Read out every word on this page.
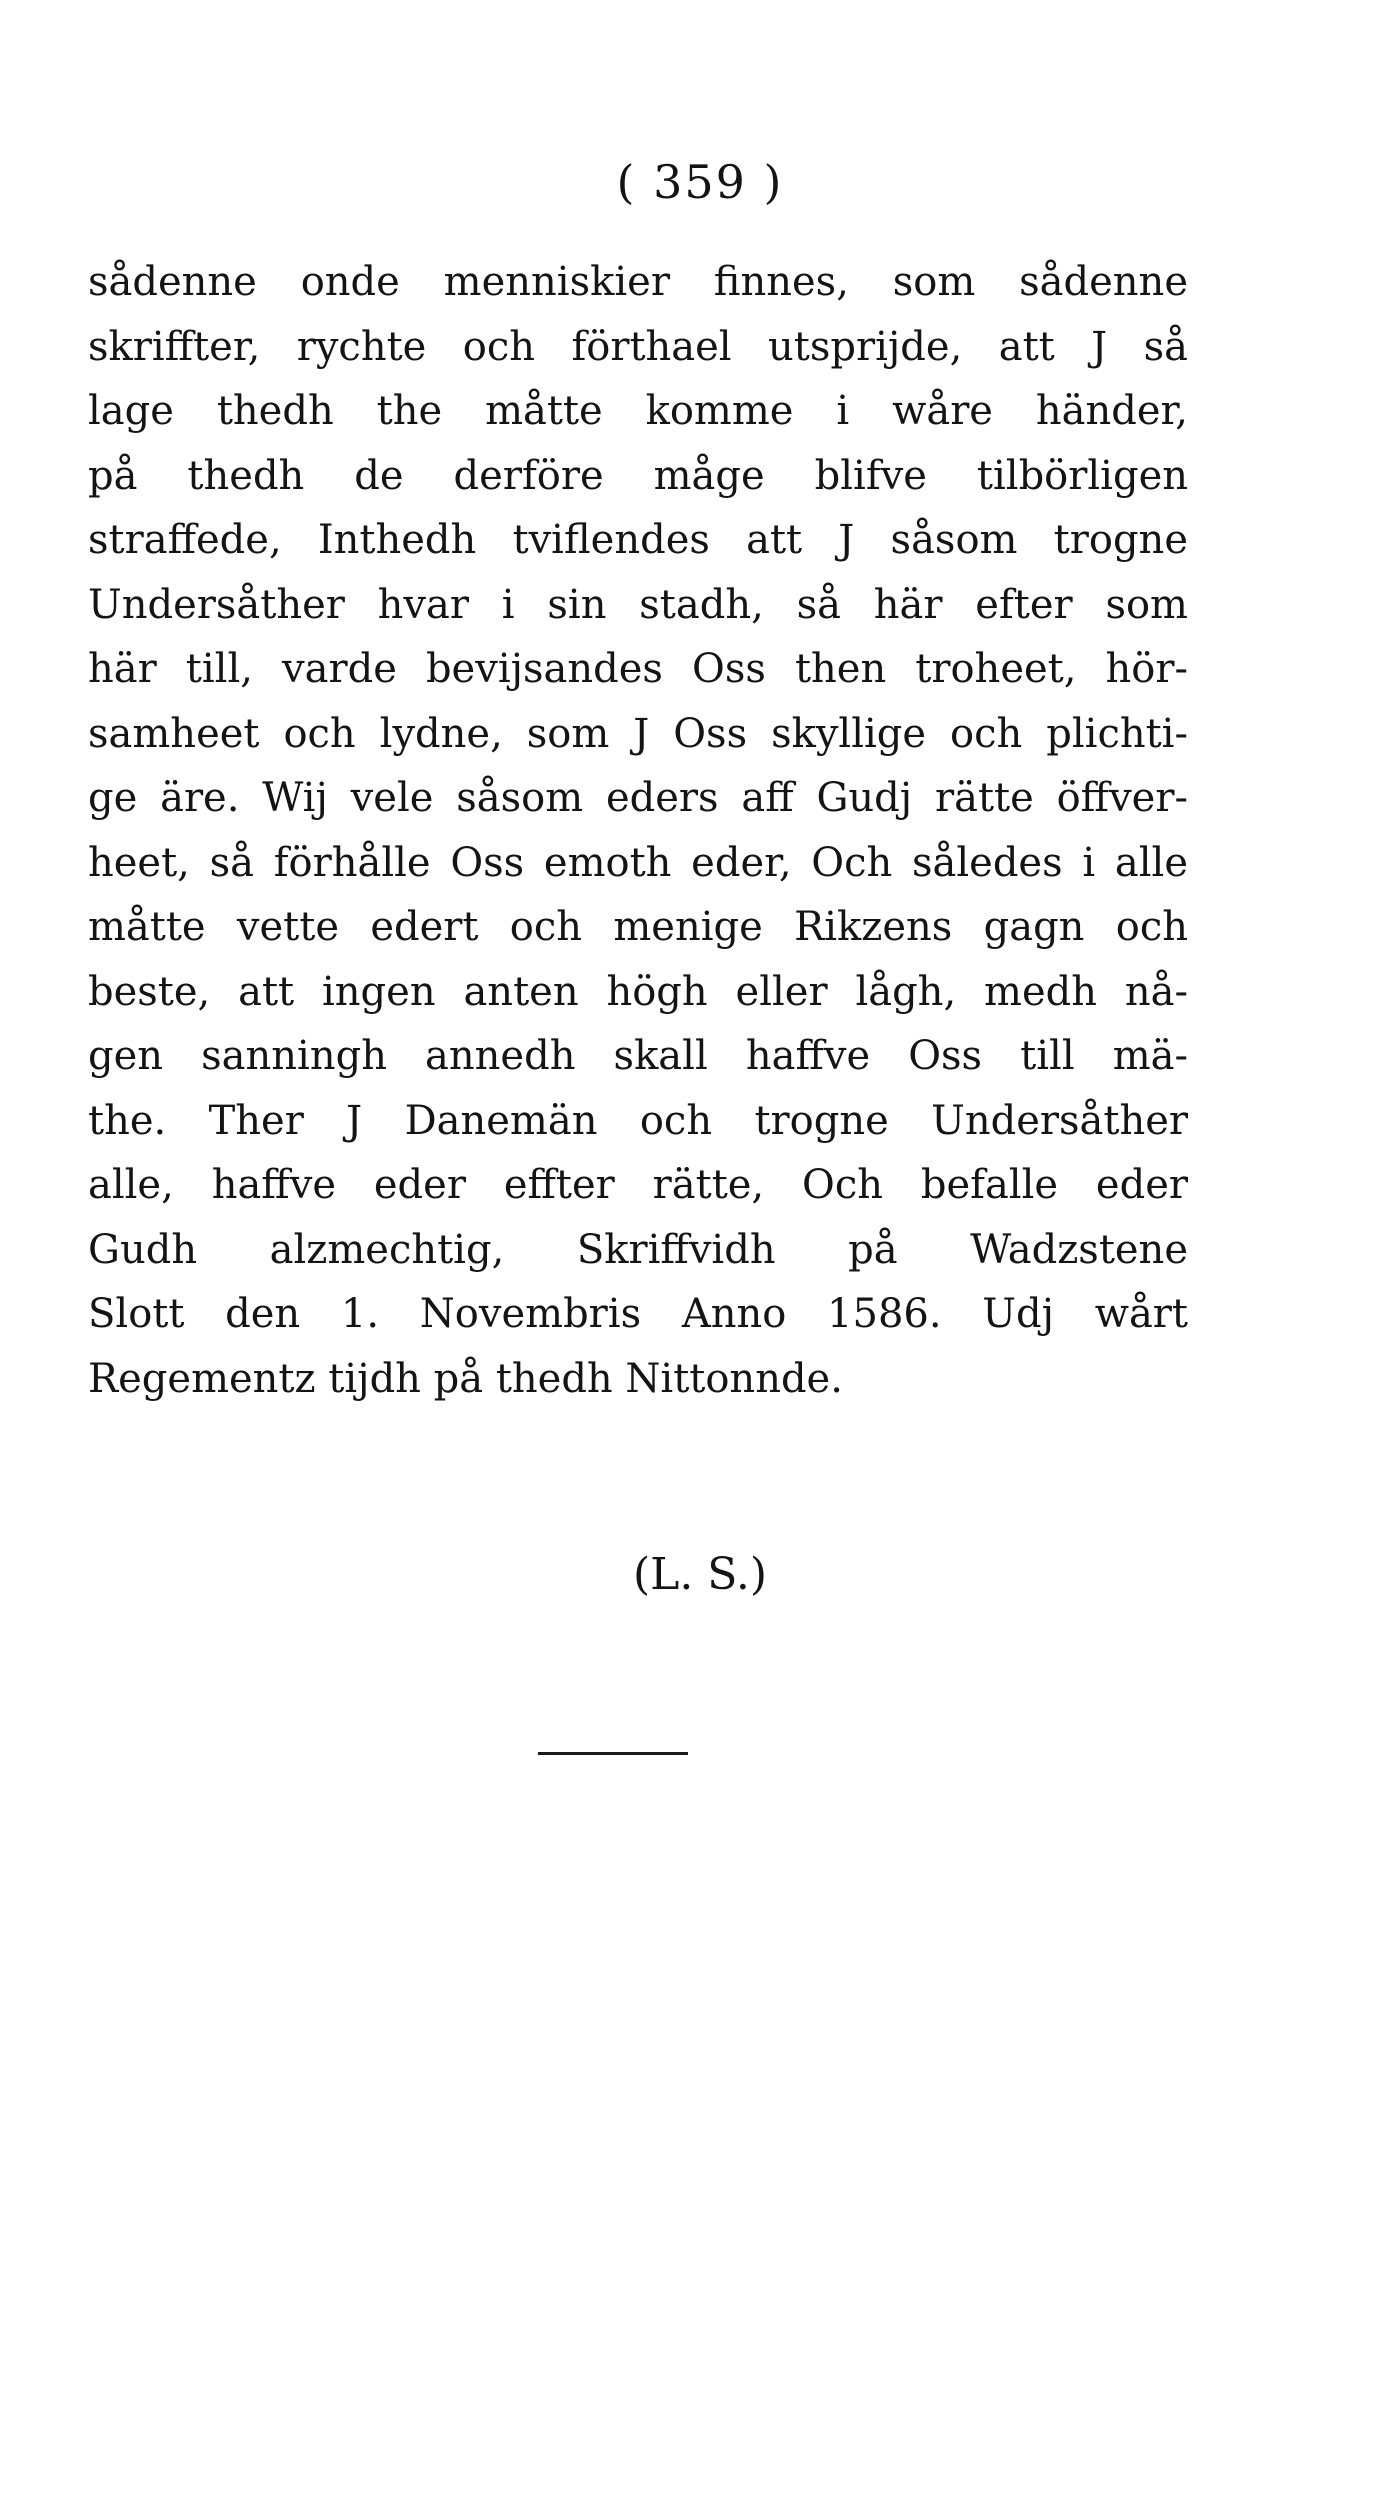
( 359 )
sådenne onde menniskier finnes, som sådenne
skriffter, rychte och förthael utsprijde, att J så
lage thedh the måtte komme i wåre händer,
på thedh de derföre måge blifve tilbörligen
straffede, Inthedh tviflendes att J såsom trogne
Undersåther hvar i sin stadh, så här efter som
här till, varde bevijsandes Oss then troheet, hör-
samheet och lydne, som J Oss skyllige och plichti-
ge äre. Wij vele såsom eders aff Gudj rätte öffver-
heet, så förhålle Oss emoth eder, Och således i alle
måtte vette edert och menige Rikzens gagn och
beste, att ingen anten högh eller lågh, medh nå-
gen sanningh annedh skall haffve Oss till mä-
the. Ther J Danemän och trogne Undersåther
alle, haffve eder effter rätte, Och befalle eder
Gudh alzmechtig, Skriffvidh på Wadzstene
Slott den 1. Novembris Anno 1586. Udj wårt
Regementz tijdh på thedh Nittonnde.
(L. S.)
